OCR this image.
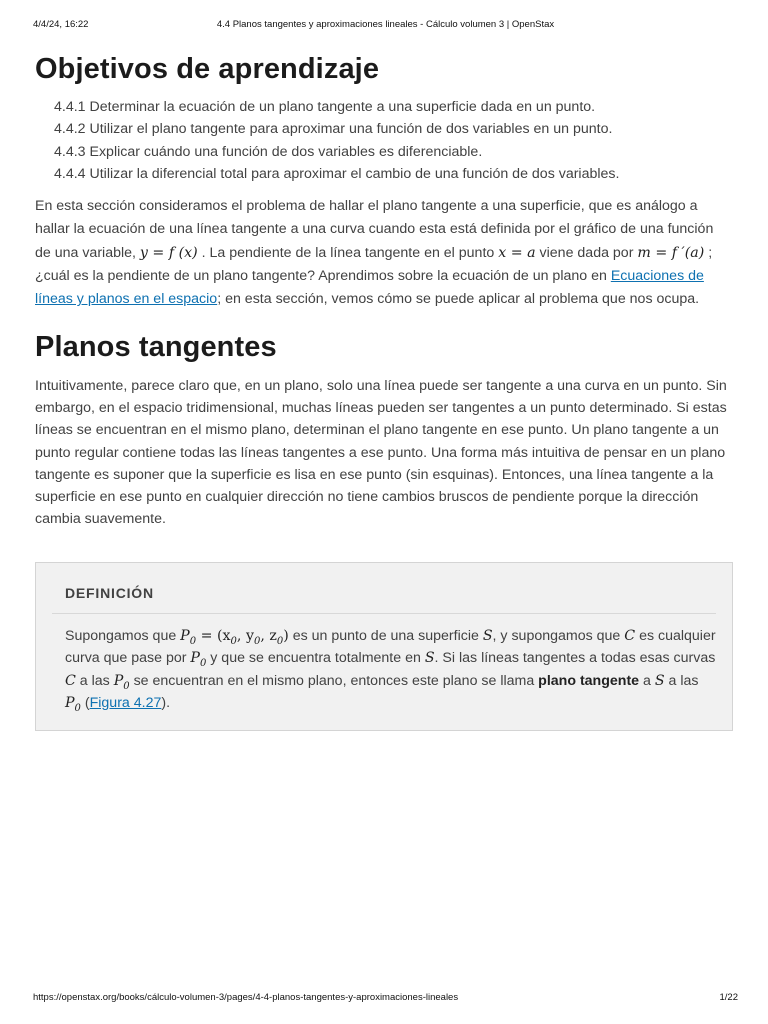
4/4/24, 16:22	4.4 Planos tangentes y aproximaciones lineales - Cálculo volumen 3 | OpenStax
Objetivos de aprendizaje
4.4.1 Determinar la ecuación de un plano tangente a una superficie dada en un punto.
4.4.2 Utilizar el plano tangente para aproximar una función de dos variables en un punto.
4.4.3 Explicar cuándo una función de dos variables es diferenciable.
4.4.4 Utilizar la diferencial total para aproximar el cambio de una función de dos variables.

En esta sección consideramos el problema de hallar el plano tangente a una superficie, que es análogo a hallar la ecuación de una línea tangente a una curva cuando esta está definida por el gráfico de una función de una variable, y = f (x) . La pendiente de la línea tangente en el punto x = a viene dada por m = f ′(a) ; ¿cuál es la pendiente de un plano tangente? Aprendimos sobre la ecuación de un plano en Ecuaciones de líneas y planos en el espacio; en esta sección, vemos cómo se puede aplicar al problema que nos ocupa.

Planos tangentes

Intuitivamente, parece claro que, en un plano, solo una línea puede ser tangente a una curva en un punto. Sin embargo, en el espacio tridimensional, muchas líneas pueden ser tangentes a un punto determinado. Si estas líneas se encuentran en el mismo plano, determinan el plano tangente en ese punto. Un plano tangente a un punto regular contiene todas las líneas tangentes a ese punto. Una forma más intuitiva de pensar en un plano tangente es suponer que la superficie es lisa en ese punto (sin esquinas). Entonces, una línea tangente a la superficie en ese punto en cualquier dirección no tiene cambios bruscos de pendiente porque la dirección cambia suavemente.

DEFINICIÓN
Supongamos que $P_0 = (x_0$, $y_0$, $z_0$) es un punto de una superficie S, y supongamos que C es cualquier curva que pase por $P_0$ y que se encuentra totalmente en S. Si las líneas tangentes a todas esas curvas C a las $P_0$ se encuentran en el mismo plano, entonces este plano se llama plano tangente a S a las $P_0$ (Figura 4.27).
https://openstax.org/books/cálculo-volumen-3/pages/4-4-planos-tangentes-y-aproximaciones-lineales	1/22
